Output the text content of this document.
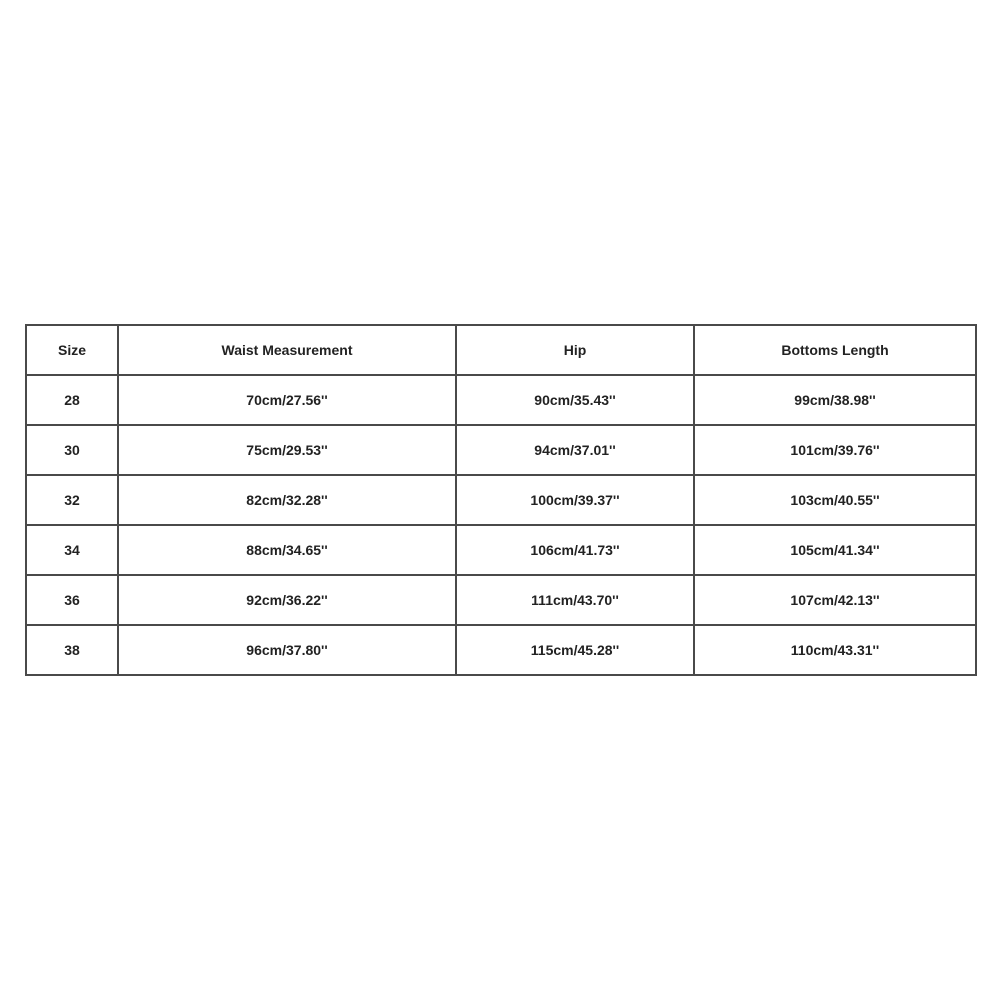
Size	Waist Measurement	Hip	Bottoms Length
28	70cm/27.56''	90cm/35.43''	99cm/38.98''
30	75cm/29.53''	94cm/37.01''	101cm/39.76''
32	82cm/32.28''	100cm/39.37''	103cm/40.55''
34	88cm/34.65''	106cm/41.73''	105cm/41.34''
36	92cm/36.22''	111cm/43.70''	107cm/42.13''
38	96cm/37.80''	115cm/45.28''	110cm/43.31''
